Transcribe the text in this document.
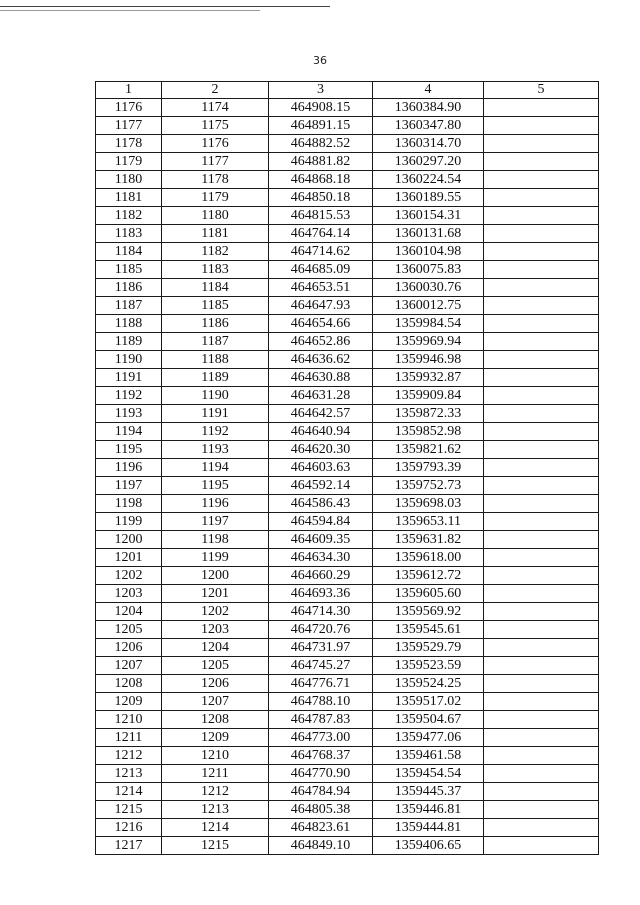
36
1	2	3	4	5
1176	1174	464908.15	1360384.90	
1177	1175	464891.15	1360347.80	
1178	1176	464882.52	1360314.70	
1179	1177	464881.82	1360297.20	
1180	1178	464868.18	1360224.54	
1181	1179	464850.18	1360189.55	
1182	1180	464815.53	1360154.31	
1183	1181	464764.14	1360131.68	
1184	1182	464714.62	1360104.98	
1185	1183	464685.09	1360075.83	
1186	1184	464653.51	1360030.76	
1187	1185	464647.93	1360012.75	
1188	1186	464654.66	1359984.54	
1189	1187	464652.86	1359969.94	
1190	1188	464636.62	1359946.98	
1191	1189	464630.88	1359932.87	
1192	1190	464631.28	1359909.84	
1193	1191	464642.57	1359872.33	
1194	1192	464640.94	1359852.98	
1195	1193	464620.30	1359821.62	
1196	1194	464603.63	1359793.39	
1197	1195	464592.14	1359752.73	
1198	1196	464586.43	1359698.03	
1199	1197	464594.84	1359653.11	
1200	1198	464609.35	1359631.82	
1201	1199	464634.30	1359618.00	
1202	1200	464660.29	1359612.72	
1203	1201	464693.36	1359605.60	
1204	1202	464714.30	1359569.92	
1205	1203	464720.76	1359545.61	
1206	1204	464731.97	1359529.79	
1207	1205	464745.27	1359523.59	
1208	1206	464776.71	1359524.25	
1209	1207	464788.10	1359517.02	
1210	1208	464787.83	1359504.67	
1211	1209	464773.00	1359477.06	
1212	1210	464768.37	1359461.58	
1213	1211	464770.90	1359454.54	
1214	1212	464784.94	1359445.37	
1215	1213	464805.38	1359446.81	
1216	1214	464823.61	1359444.81	
1217	1215	464849.10	1359406.65	
